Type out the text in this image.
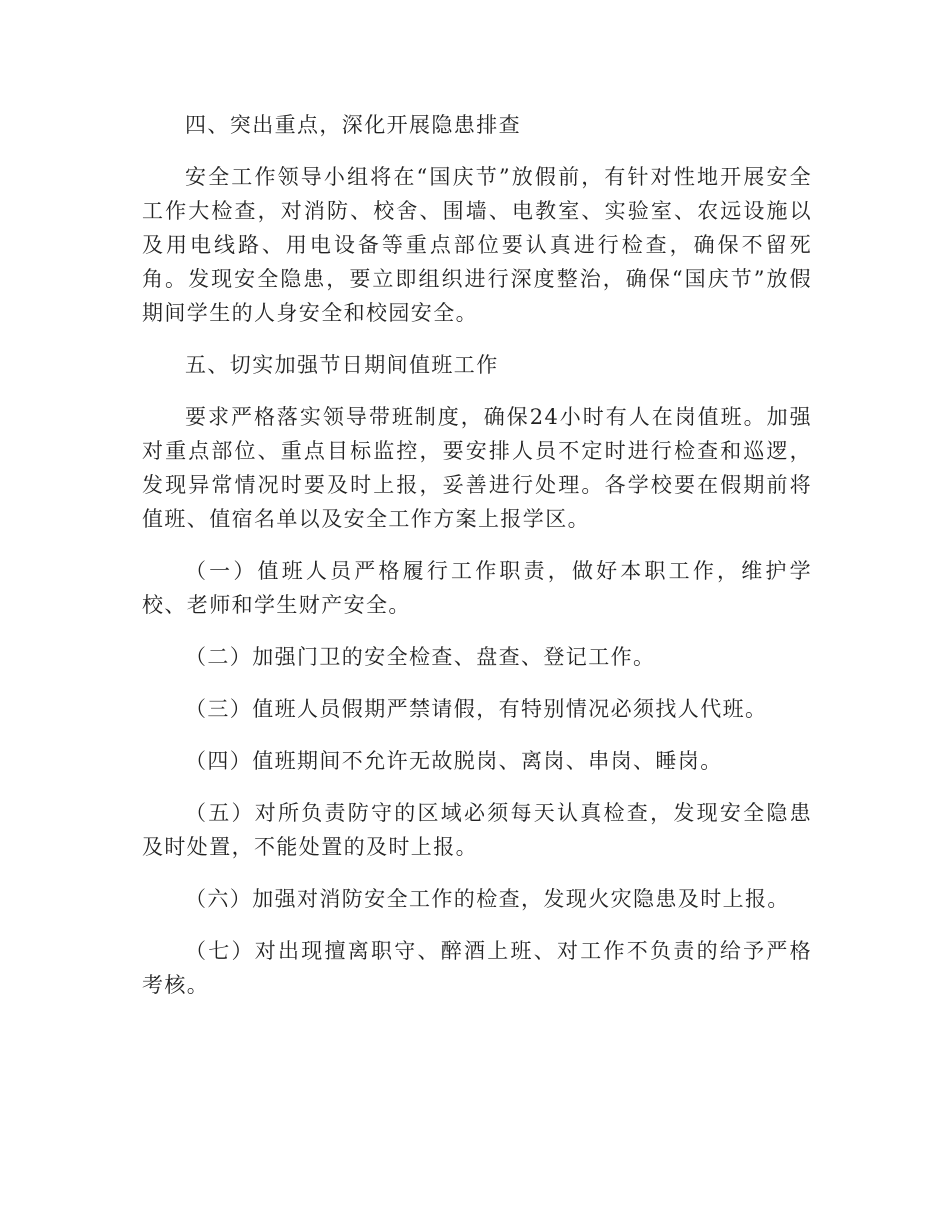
四、突出重点，深化开展隐患排查

安全工作领导小组将在“国庆节”放假前，有针对性地开展安全工作大检查，对消防、校舍、围墙、电教室、实验室、农远设施以及用电线路、用电设备等重点部位要认真进行检查，确保不留死角。发现安全隐患，要立即组织进行深度整治，确保“国庆节”放假期间学生的人身安全和校园安全。

五、切实加强节日期间值班工作

要求严格落实领导带班制度，确保24小时有人在岗值班。加强对重点部位、重点目标监控，要安排人员不定时进行检查和巡逻，发现异常情况时要及时上报，妥善进行处理。各学校要在假期前将值班、值宿名单以及安全工作方案上报学区。

（一）值班人员严格履行工作职责，做好本职工作，维护学校、老师和学生财产安全。

（二）加强门卫的安全检查、盘查、登记工作。

（三）值班人员假期严禁请假，有特别情况必须找人代班。

（四）值班期间不允许无故脱岗、离岗、串岗、睡岗。

（五）对所负责防守的区域必须每天认真检查，发现安全隐患及时处置，不能处置的及时上报。

（六）加强对消防安全工作的检查，发现火灾隐患及时上报。

（七）对出现擅离职守、醉酒上班、对工作不负责的给予严格考核。
